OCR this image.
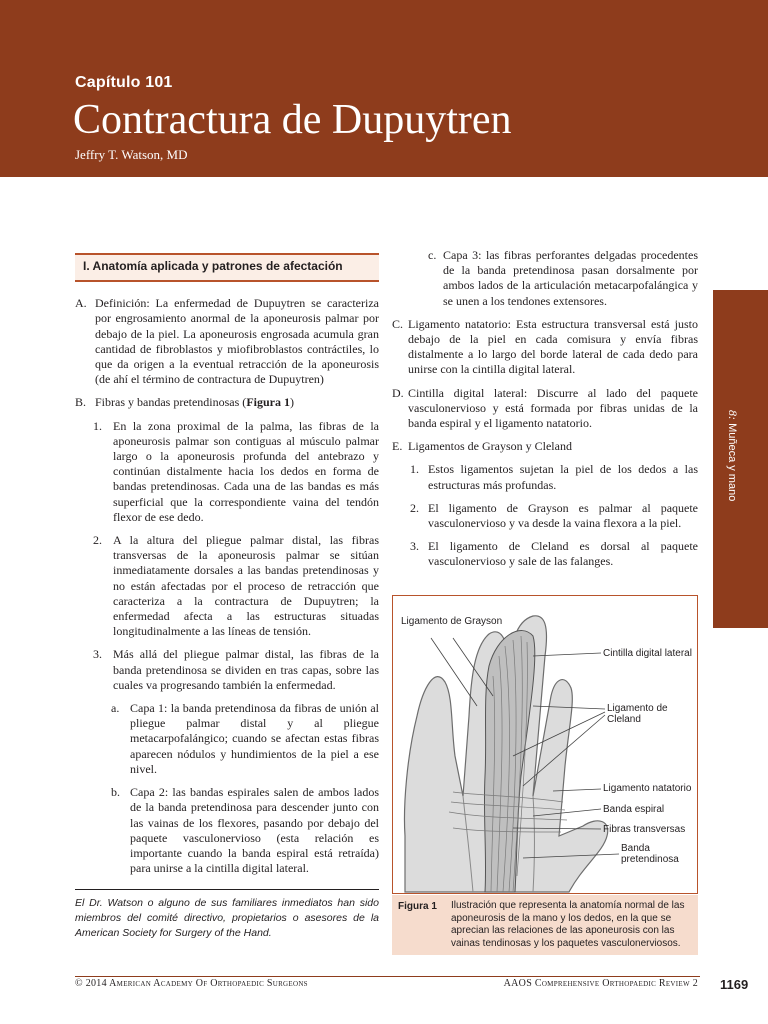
Capítulo 101
Contractura de Dupuytren
Jeffry T. Watson, MD
8: Muñeca y mano
I. Anatomía aplicada y patrones de afectación
A. Definición: La enfermedad de Dupuytren se caracteriza por engrosamiento anormal de la aponeurosis palmar por debajo de la piel. La aponeurosis engrosada acumula gran cantidad de fibroblastos y miofibroblastos contráctiles, lo que da origen a la eventual retracción de la aponeurosis (de ahí el término de contractura de Dupuytren)
B. Fibras y bandas pretendinosas (Figura 1)
1. En la zona proximal de la palma, las fibras de la aponeurosis palmar son contiguas al músculo palmar largo o la aponeurosis profunda del antebrazo y continúan distalmente hacia los dedos en forma de bandas pretendinosas. Cada una de las bandas es más superficial que la correspondiente vaina del tendón flexor de ese dedo.
2. A la altura del pliegue palmar distal, las fibras transversas de la aponeurosis palmar se sitúan inmediatamente dorsales a las bandas pretendinosas y no están afectadas por el proceso de retracción que caracteriza a la contractura de Dupuytren; la enfermedad afecta a las estructuras situadas longitudinalmente a las líneas de tensión.
3. Más allá del pliegue palmar distal, las fibras de la banda pretendinosa se dividen en tras capas, sobre las cuales va progresando también la enfermedad.
a. Capa 1: la banda pretendinosa da fibras de unión al pliegue palmar distal y al pliegue metacarpofalángico; cuando se afectan estas fibras aparecen nódulos y hundimientos de la piel a ese nivel.
b. Capa 2: las bandas espirales salen de ambos lados de la banda pretendinosa para descender junto con las vainas de los flexores, pasando por debajo del paquete vasculonervioso (esta relación es importante cuando la banda espiral está retraída) para unirse a la cintilla digital lateral.
c. Capa 3: las fibras perforantes delgadas procedentes de la banda pretendinosa pasan dorsalmente por ambos lados de la articulación metacarpofalángica y se unen a los tendones extensores.
C. Ligamento natatorio: Esta estructura transversal está justo debajo de la piel en cada comisura y envía fibras distalmente a lo largo del borde lateral de cada dedo para unirse con la cintilla digital lateral.
D. Cintilla digital lateral: Discurre al lado del paquete vasculonervioso y está formada por fibras unidas de la banda espiral y el ligamento natatorio.
E. Ligamentos de Grayson y Cleland
1. Estos ligamentos sujetan la piel de los dedos a las estructuras más profundas.
2. El ligamento de Grayson es palmar al paquete vasculonervioso y va desde la vaina flexora a la piel.
3. El ligamento de Cleland es dorsal al paquete vasculonervioso y sale de las falanges.
Ligamento de Grayson
Cintilla digital lateral
Ligamento de Cleland
Ligamento natatorio
Banda espiral
Fibras transversas
Banda pretendinosa
Figura 1 Ilustración que representa la anatomía normal de las aponeurosis de la mano y los dedos, en la que se aprecian las relaciones de las aponeurosis con las vainas tendinosas y los paquetes vasculonerviosos.
El Dr. Watson o alguno de sus familiares inmediatos han sido miembros del comité directivo, propietarios o asesores de la American Society for Surgery of the Hand.
© 2014 American Academy Of Orthopaedic Surgeons	AAOS Comprehensive Orthopaedic Review 2 1169
